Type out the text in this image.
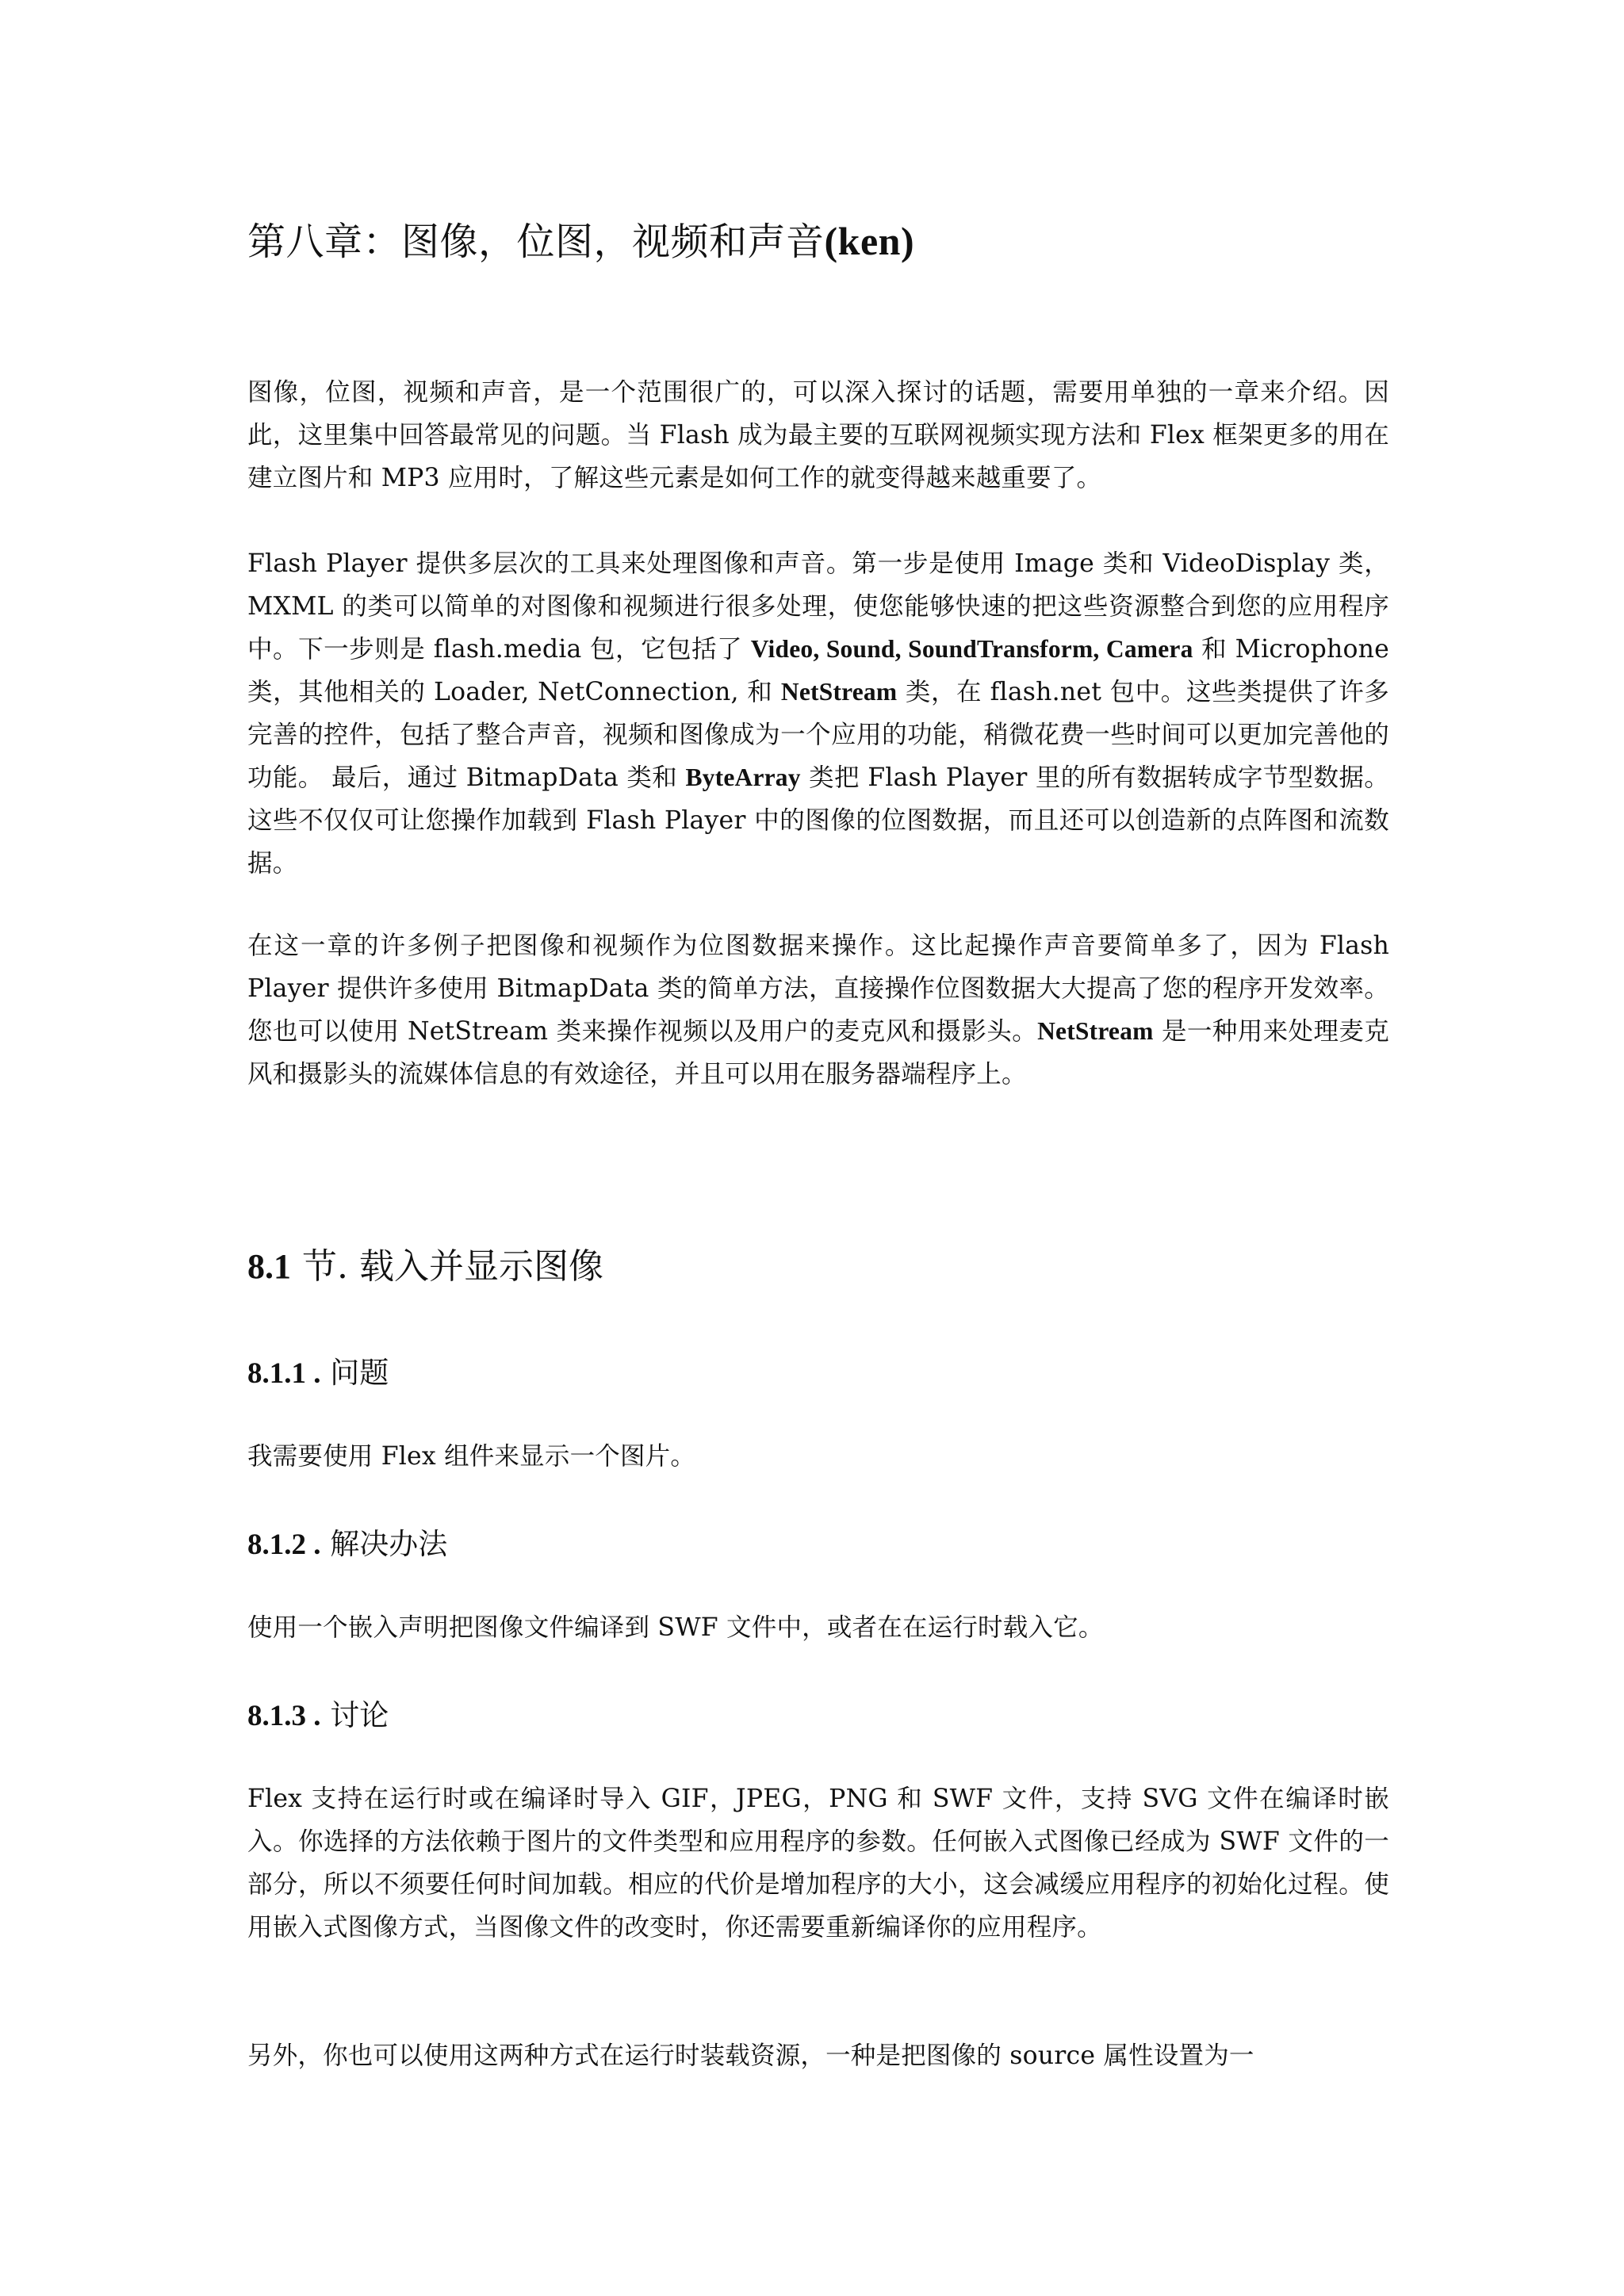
第八章：图像，位图，视频和声音(ken)

图像，位图，视频和声音，是一个范围很广的，可以深入探讨的话题，需要用单独的一章来介绍。因此，这里集中回答最常见的问题。当 Flash 成为最主要的互联网视频实现方法和 Flex 框架更多的用在建立图片和 MP3 应用时，了解这些元素是如何工作的就变得越来越重要了。

Flash Player 提供多层次的工具来处理图像和声音。第一步是使用 Image 类和 VideoDisplay 类，MXML 的类可以简单的对图像和视频进行很多处理，使您能够快速的把这些资源整合到您的应用程序中。下一步则是 flash.media 包，它包括了 Video, Sound, SoundTransform, Camera 和 Microphone 类，其他相关的 Loader, NetConnection, 和 NetStream 类，在 flash.net 包中。这些类提供了许多完善的控件，包括了整合声音，视频和图像成为一个应用的功能，稍微花费一些时间可以更加完善他的功能。 最后，通过 BitmapData 类和 ByteArray 类把 Flash Player 里的所有数据转成字节型数据。这些不仅仅可让您操作加载到 Flash Player 中的图像的位图数据，而且还可以创造新的点阵图和流数据。

在这一章的许多例子把图像和视频作为位图数据来操作。这比起操作声音要简单多了，因为 Flash Player 提供许多使用 BitmapData 类的简单方法，直接操作位图数据大大提高了您的程序开发效率。您也可以使用 NetStream 类来操作视频以及用户的麦克风和摄影头。NetStream 是一种用来处理麦克风和摄影头的流媒体信息的有效途径，并且可以用在服务器端程序上。

8.1 节. 载入并显示图像
8.1.1 . 问题

我需要使用 Flex 组件来显示一个图片。

8.1.2 . 解决办法

使用一个嵌入声明把图像文件编译到 SWF 文件中，或者在在运行时载入它。

8.1.3 . 讨论

Flex 支持在运行时或在编译时导入 GIF，JPEG，PNG 和 SWF 文件，支持 SVG 文件在编译时嵌入。你选择的方法依赖于图片的文件类型和应用程序的参数。任何嵌入式图像已经成为 SWF 文件的一部分，所以不须要任何时间加载。相应的代价是增加程序的大小，这会减缓应用程序的初始化过程。使用嵌入式图像方式，当图像文件的改变时，你还需要重新编译你的应用程序。

另外，你也可以使用这两种方式在运行时装载资源，一种是把图像的 source 属性设置为一
